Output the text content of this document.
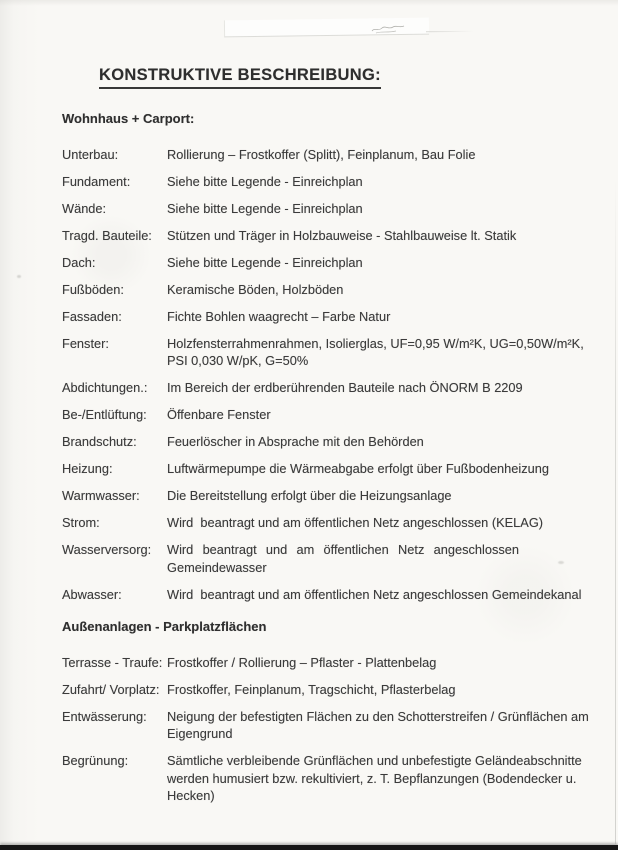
KONSTRUKTIVE BESCHREIBUNG:
Wohnhaus + Carport:
Unterbau:	Rollierung – Frostkoffer (Splitt), Feinplanum, Bau Folie
Fundament:	Siehe bitte Legende - Einreichplan
Wände:	Siehe bitte Legende - Einreichplan
Tragd. Bauteile:	Stützen und Träger in Holzbauweise - Stahlbauweise lt. Statik
Dach:	Siehe bitte Legende - Einreichplan
Fußböden:	Keramische Böden, Holzböden
Fassaden:	Fichte Bohlen waagrecht – Farbe Natur
Fenster:	Holzfensterrahmenrahmen, Isolierglas, UF=0,95 W/m²K, UG=0,50W/m²K,
PSI 0,030 W/pK, G=50%
Abdichtungen.:	Im Bereich der erdberührenden Bauteile nach ÖNORM B 2209
Be-/Entlüftung:	Öffenbare Fenster
Brandschutz:	Feuerlöscher in Absprache mit den Behörden
Heizung:	Luftwärmepumpe die Wärmeabgabe erfolgt über Fußbodenheizung
Warmwasser:	Die Bereitstellung erfolgt über die Heizungsanlage
Strom:	Wird  beantragt und am öffentlichen Netz angeschlossen (KELAG)
Wasserversorg:	Wird beantragt und am öffentlichen Netz angeschlossen
Gemeindewasser
Abwasser:	Wird  beantragt und am öffentlichen Netz angeschlossen Gemeindekanal
Außenanlagen - Parkplatzflächen
Terrasse - Traufe: Frostkoffer / Rollierung – Pflaster - Plattenbelag
Zufahrt/ Vorplatz: Frostkoffer, Feinplanum, Tragschicht, Pflasterbelag
Entwässerung:	Neigung der befestigten Flächen zu den Schotterstreifen / Grünflächen am
Eigengrund
Begrünung:	Sämtliche verbleibende Grünflächen und unbefestigte Geländeabschnitte
werden humusiert bzw. rekultiviert, z. T. Bepflanzungen (Bodendecker u.
Hecken)
